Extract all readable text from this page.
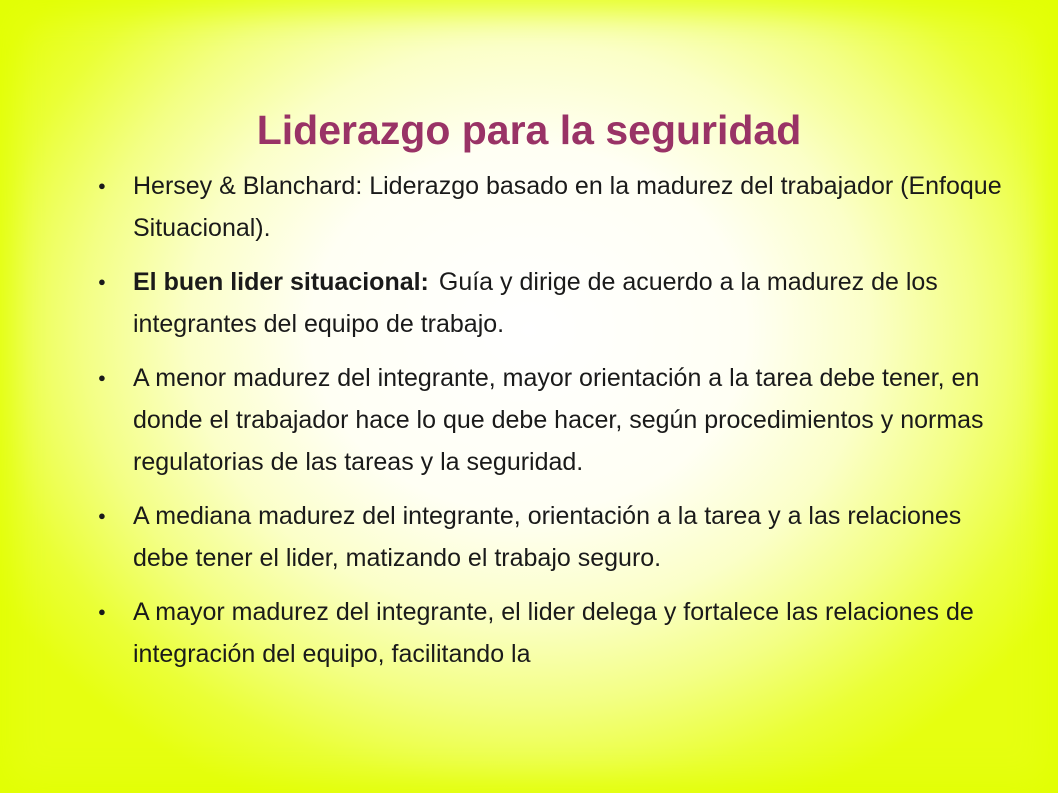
Liderazgo para la seguridad
● Hersey & Blanchard: Liderazgo basado en la madurez del trabajador (Enfoque Situacional).
● El buen lider situacional: Guía y dirige de acuerdo a la madurez de los integrantes del equipo de trabajo.
● A menor madurez del integrante, mayor orientación a la tarea debe tener, en donde el trabajador hace lo que debe hacer, según procedimientos y normas regulatorias de las tareas y la seguridad.
● A mediana madurez del integrante, orientación a la tarea y a las relaciones debe tener el lider, matizando el trabajo seguro.
● A mayor madurez del integrante, el lider delega y fortalece las relaciones de integración del equipo, facilitando la
